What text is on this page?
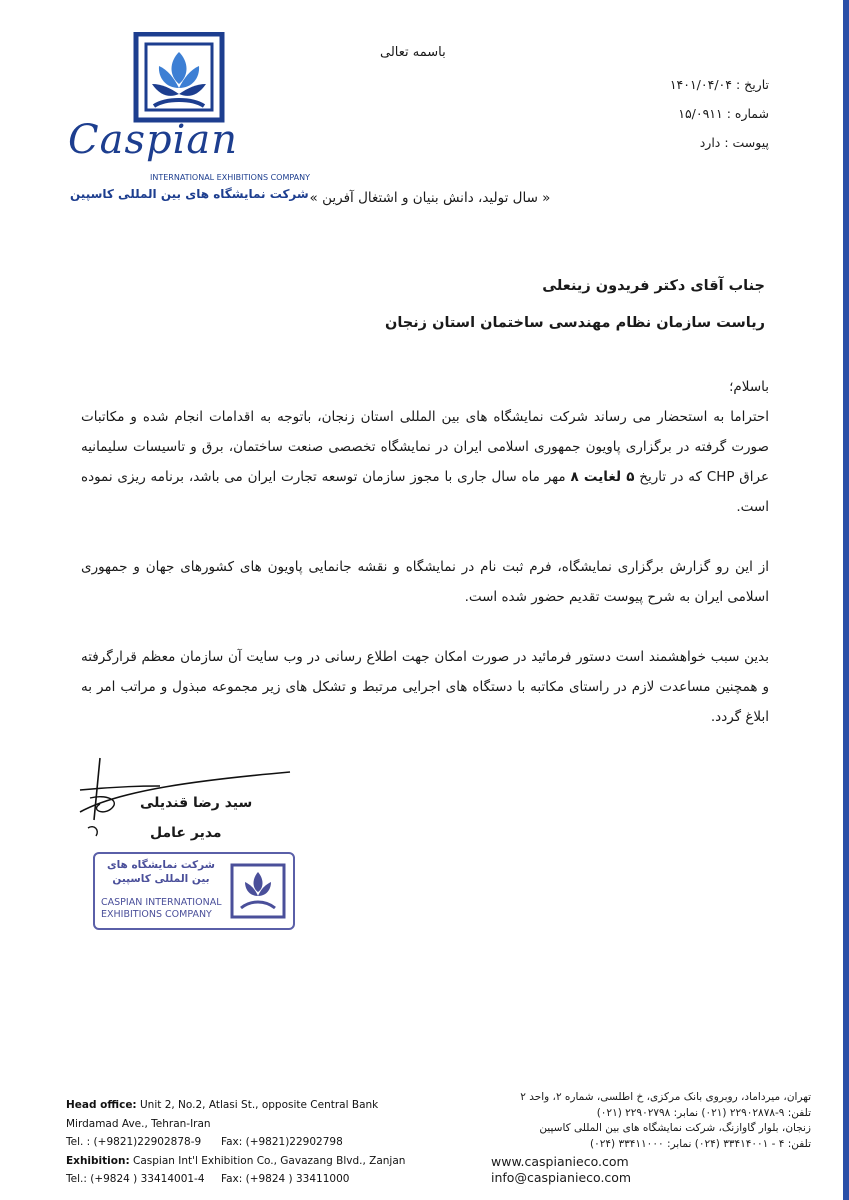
Caspian
INTERNATIONAL EXHIBITIONS COMPANY
شرکت نمایشگاه های بین المللی کاسپین
باسمه تعالی
تاریخ : ۱۴۰۱/۰۴/۰۴
شماره : ۱۵/۰۹۱۱
پیوست : دارد
« سال تولید، دانش بنیان و اشتغال آفرین »
جناب آقای دکتر فریدون زینعلی
ریاست سازمان نظام مهندسی ساختمان استان زنجان
باسلام؛

احتراما به استحضار می رساند شرکت نمایشگاه های بین المللی استان زنجان، باتوجه به اقدامات انجام شده و مکاتبات صورت گرفته در برگزاری پاویون جمهوری اسلامی ایران در نمایشگاه تخصصی صنعت ساختمان، برق و تاسیسات سلیمانیه عراق CHP که در تاریخ ۵ لغایت ۸ مهر ماه سال جاری با مجوز سازمان توسعه تجارت ایران می باشد، برنامه ریزی نموده است.

از این رو گزارش برگزاری نمایشگاه، فرم ثبت نام در نمایشگاه و نقشه جانمایی پاویون های کشورهای جهان و جمهوری اسلامی ایران به شرح پیوست تقدیم حضور شده است.

بدین سبب خواهشمند است دستور فرمائید در صورت امکان جهت اطلاع رسانی در وب سایت آن سازمان معظم قرارگرفته و همچنین مساعدت لازم در راستای مکاتبه با دستگاه های اجرایی مرتبط و تشکل های زیر مجموعه مبذول و مراتب امر به ابلاغ گردد.

سید رضا قندیلی
مدیر عامل
شرکت نمایشگاه های
بین المللی کاسپین
CASPIAN INTERNATIONAL
EXHIBITIONS COMPANY
Head office: Unit 2, No.2, Atlasi St., opposite Central Bank
Mirdamad Ave., Tehran-Iran
Tel. : (+9821)22902878-9 Fax: (+9821)22902798
Exhibition: Caspian Int'l Exhibition Co., Gavazang Blvd., Zanjan
Tel.: (+9824 ) 33414001-4 Fax: (+9824 ) 33411000
تهران، میرداماد، روبروی بانک مرکزی، خ اطلسی، شماره ۲، واحد ۲
تلفن: ۹-۲۲۹۰۲۸۷۸ (۰۲۱) نمابر: ۲۲۹۰۲۷۹۸ (۰۲۱)
زنجان، بلوار گاوازنگ، شرکت نمایشگاه های بین المللی کاسپین
تلفن: ۴ - ۳۳۴۱۴۰۰۱ (۰۲۴) نمابر: ۳۳۴۱۱۰۰۰ (۰۲۴)
www.caspianieco.com  info@caspianieco.com
